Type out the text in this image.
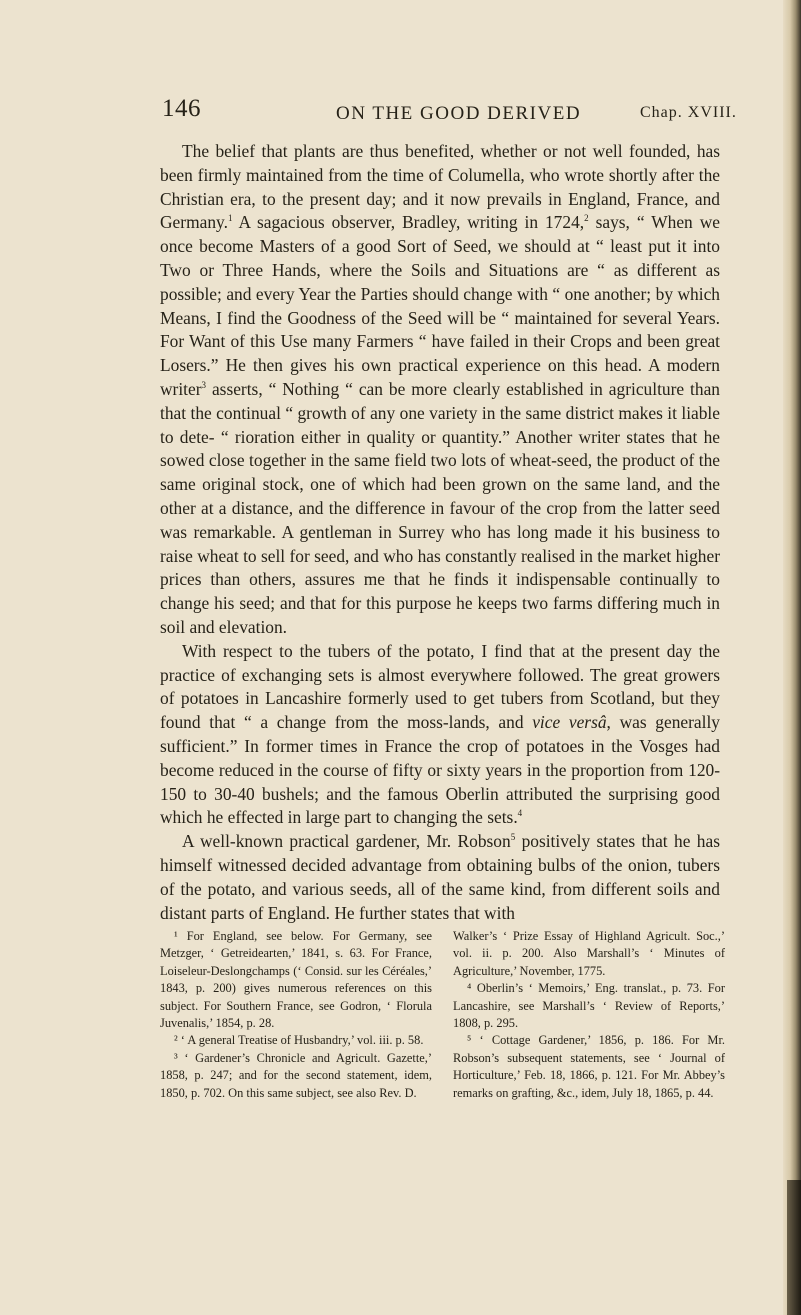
146	ON THE GOOD DERIVED	Chap. XVIII.

The belief that plants are thus benefited, whether or not well founded, has been firmly maintained from the time of Columella, who wrote shortly after the Christian era, to the present day; and it now prevails in England, France, and Germany.$^1$ A sagacious observer, Bradley, writing in 1724,$^2$ says, “ When we once become Masters of a good Sort of Seed, we should at “ least put it into Two or Three Hands, where the Soils and Situations are “ as different as possible; and every Year the Parties should change with “ one another; by which Means, I find the Goodness of the Seed will be “ maintained for several Years. For Want of this Use many Farmers “ have failed in their Crops and been great Losers.” He then gives his own practical experience on this head. A modern writer$^3$ asserts, “ Nothing “ can be more clearly established in agriculture than that the continual “ growth of any one variety in the same district makes it liable to dete- “ rioration either in quality or quantity.” Another writer states that he sowed close together in the same field two lots of wheat-seed, the product of the same original stock, one of which had been grown on the same land, and the other at a distance, and the difference in favour of the crop from the latter seed was remarkable. A gentleman in Surrey who has long made it his business to raise wheat to sell for seed, and who has constantly realised in the market higher prices than others, assures me that he finds it indispensable continually to change his seed; and that for this purpose he keeps two farms differing much in soil and elevation.

With respect to the tubers of the potato, I find that at the present day the practice of exchanging sets is almost everywhere followed. The great growers of potatoes in Lancashire formerly used to get tubers from Scotland, but they found that “ a change from the moss-lands, and vice versâ, was generally sufficient.” In former times in France the crop of potatoes in the Vosges had become reduced in the course of fifty or sixty years in the proportion from 120-150 to 30-40 bushels; and the famous Oberlin attributed the surprising good which he effected in large part to changing the sets.$^4$

A well-known practical gardener, Mr. Robson$^5$ positively states that he has himself witnessed decided advantage from obtaining bulbs of the onion, tubers of the potato, and various seeds, all of the same kind, from different soils and distant parts of England. He further states that with

¹ For England, see below. For Germany, see Metzger, ‘ Getreidearten,’ 1841, s. 63. For France, Loiseleur-Deslongchamps (‘ Consid. sur les Céréales,’ 1843, p. 200) gives numerous references on this subject. For Southern France, see Godron, ‘ Florula Juvenalis,’ 1854, p. 28.

² ‘ A general Treatise of Husbandry,’ vol. iii. p. 58.

³ ‘ Gardener’s Chronicle and Agricult. Gazette,’ 1858, p. 247; and for the second statement, idem, 1850, p. 702. On this same subject, see also Rev. D.

Walker’s ‘ Prize Essay of Highland Agricult. Soc.,’ vol. ii. p. 200. Also Marshall’s ‘ Minutes of Agriculture,’ November, 1775.

⁴ Oberlin’s ‘ Memoirs,’ Eng. translat., p. 73. For Lancashire, see Marshall’s ‘ Review of Reports,’ 1808, p. 295.

⁵ ‘ Cottage Gardener,’ 1856, p. 186. For Mr. Robson’s subsequent statements, see ‘ Journal of Horticulture,’ Feb. 18, 1866, p. 121. For Mr. Abbey’s remarks on grafting, &c., idem, July 18, 1865, p. 44.
